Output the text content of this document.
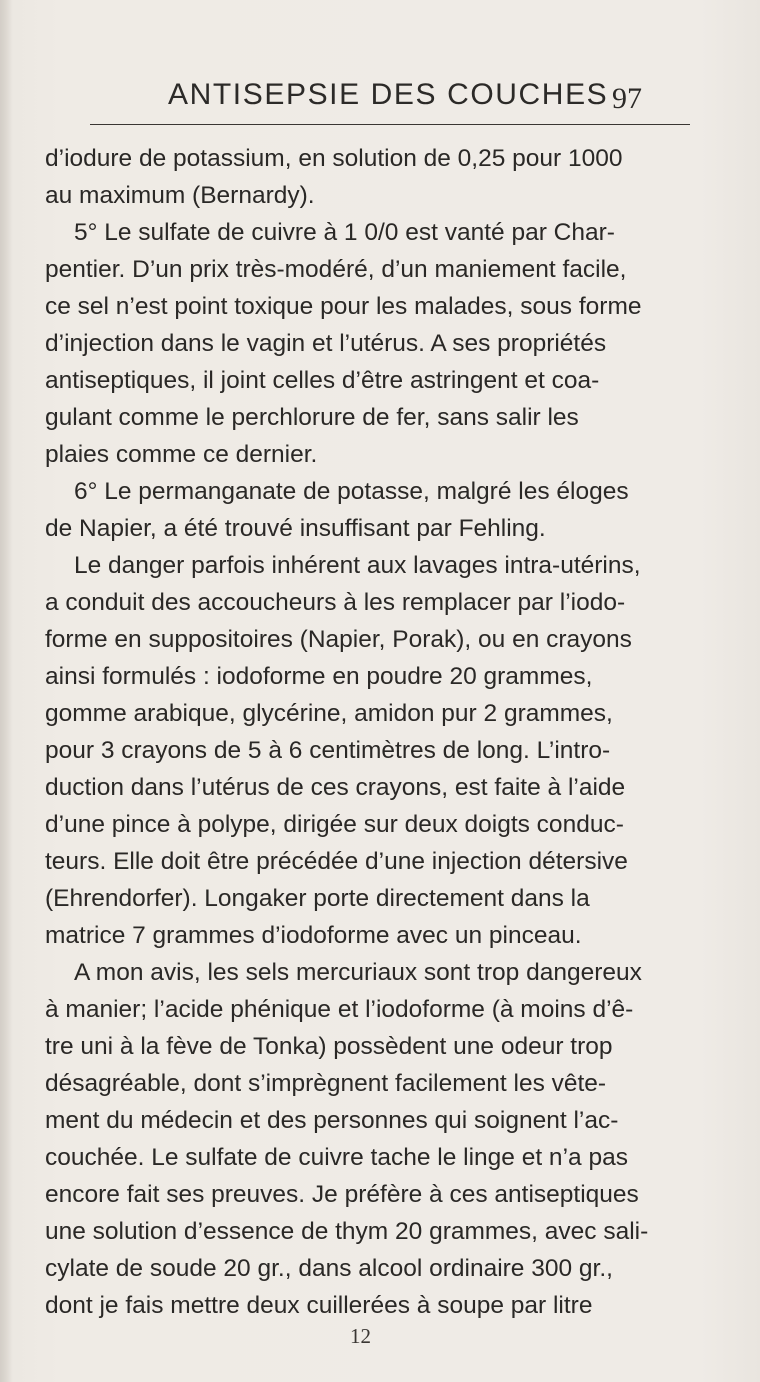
ANTISEPSIE DES COUCHES 97
d’iodure de potassium, en solution de 0,25 pour 1000
au maximum (Bernardy).
5° Le sulfate de cuivre à 1 0/0 est vanté par Char-
pentier. D’un prix très-modéré, d’un maniement facile,
ce sel n’est point toxique pour les malades, sous forme
d’injection dans le vagin et l’utérus. A ses propriétés
antiseptiques, il joint celles d’être astringent et coa-
gulant comme le perchlorure de fer, sans salir les
plaies comme ce dernier.
6° Le permanganate de potasse, malgré les éloges
de Napier, a été trouvé insuffisant par Fehling.
Le danger parfois inhérent aux lavages intra-utérins,
a conduit des accoucheurs à les remplacer par l’iodo-
forme en suppositoires (Napier, Porak), ou en crayons
ainsi formulés : iodoforme en poudre 20 grammes,
gomme arabique, glycérine, amidon pur 2 grammes,
pour 3 crayons de 5 à 6 centimètres de long. L’intro-
duction dans l’utérus de ces crayons, est faite à l’aide
d’une pince à polype, dirigée sur deux doigts conduc-
teurs. Elle doit être précédée d’une injection détersive
(Ehrendorfer). Longaker porte directement dans la
matrice 7 grammes d’iodoforme avec un pinceau.
A mon avis, les sels mercuriaux sont trop dangereux
à manier; l’acide phénique et l’iodoforme (à moins d’ê-
tre uni à la fève de Tonka) possèdent une odeur trop
désagréable, dont s’imprègnent facilement les vête-
ment du médecin et des personnes qui soignent l’ac-
couchée. Le sulfate de cuivre tache le linge et n’a pas
encore fait ses preuves. Je préfère à ces antiseptiques
une solution d’essence de thym 20 grammes, avec sali-
cylate de soude 20 gr., dans alcool ordinaire 300 gr.,
dont je fais mettre deux cuillerées à soupe par litre
12
